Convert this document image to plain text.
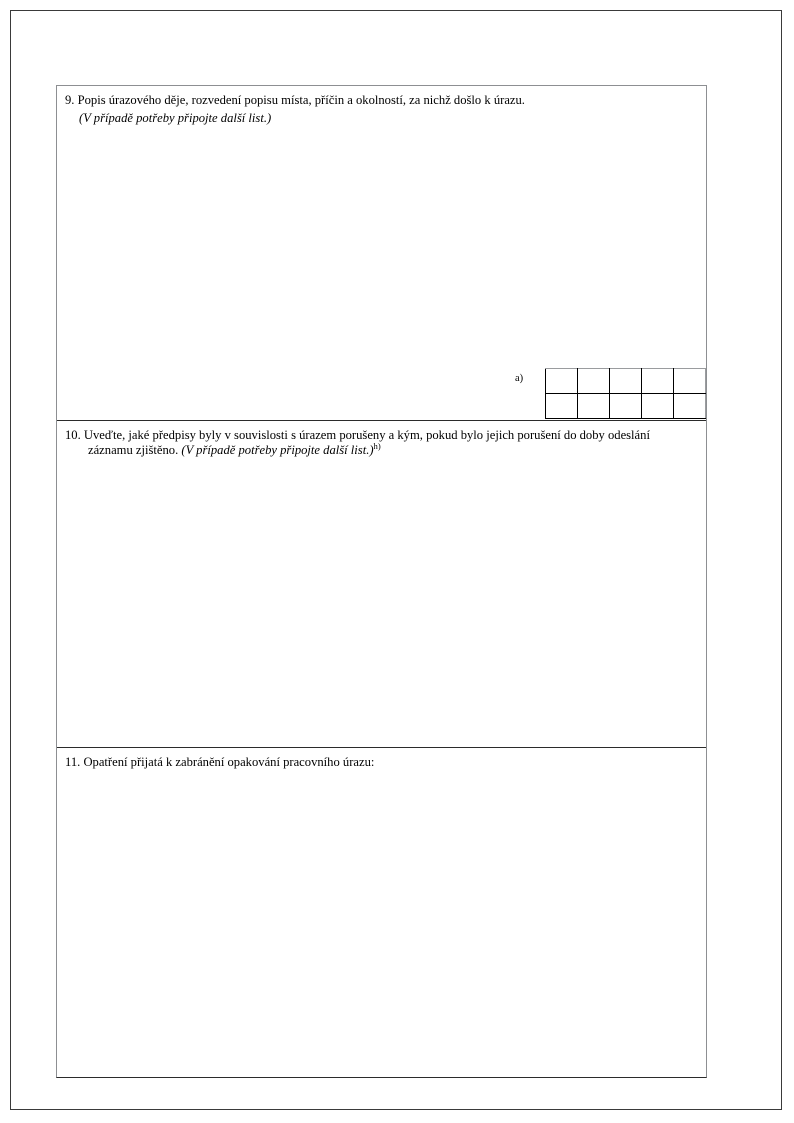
9. Popis úrazového děje, rozvedení popisu místa, příčin a okolností, za nichž došlo k úrazu.
(V případě potřeby připojte další list.)
a)

10. Uveďte, jaké předpisy byly v souvislosti s úrazem porušeny a kým, pokud bylo jejich porušení do doby odeslání záznamu zjištěno. (V případě potřeby připojte další list.)$^{h)}$
11. Opatření přijatá k zabránění opakování pracovního úrazu:
